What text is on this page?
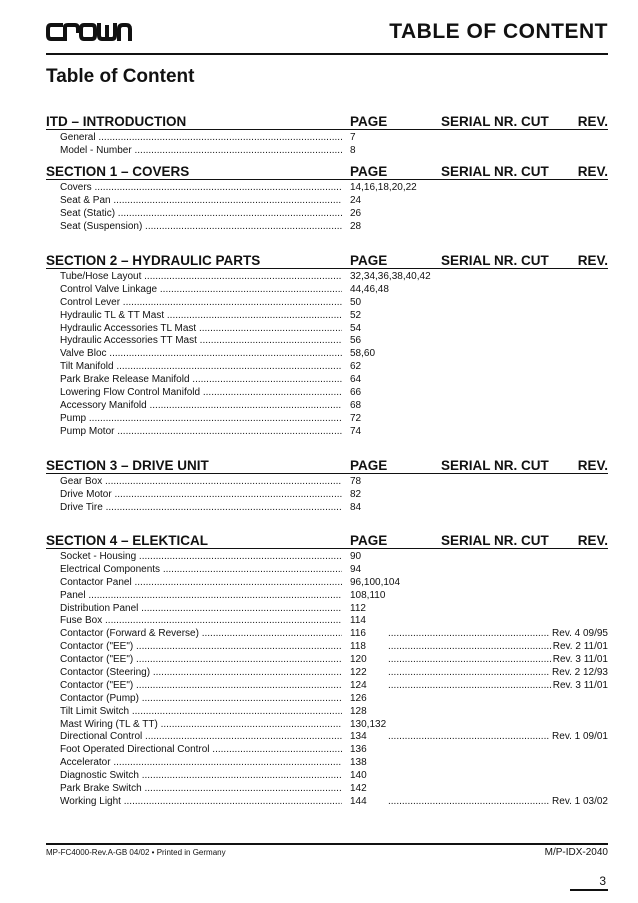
TABLE OF CONTENT
Table of Content
ITD – INTRODUCTION	PAGE	SERIAL NR. CUT REV.
General .....	7
Model - Number .....	8
SECTION 1 – COVERS	PAGE	SERIAL NR. CUT REV.
Covers .....	14,16,18,20,22
Seat & Pan .....	24
Seat (Static) .....	26
Seat (Suspension) .....	28
SECTION 2 – HYDRAULIC PARTS	PAGE	SERIAL NR. CUT REV.
Tube/Hose Layout .....	32,34,36,38,40,42
Control Valve Linkage .....	44,46,48
Control Lever .....	50
Hydraulic TL & TT Mast .....	52
Hydraulic Accessories TL Mast .....	54
Hydraulic Accessories TT Mast .....	56
Valve Bloc .....	58,60
Tilt Manifold .....	62
Park Brake Release Manifold .....	64
Lowering Flow Control Manifold .....	66
Accessory Manifold .....	68
Pump .....	72
Pump Motor .....	74
SECTION 3 – DRIVE UNIT	PAGE	SERIAL NR. CUT REV.
Gear Box .....	78
Drive Motor .....	82
Drive Tire .....	84
SECTION 4 – ELEKTICAL	PAGE	SERIAL NR. CUT REV.
Socket - Housing .....	90
Electrical Components .....	94
Contactor Panel .....	96,100,104
Panel .....	108,110
Distribution Panel .....	112
Fuse Box .....	114
Contactor (Forward & Reverse) .....	116 .....	Rev. 4 09/95
Contactor ("EE") .....	118 .....	Rev. 2 11/01
Contactor ("EE") .....	120 .....	Rev. 3 11/01
Contactor (Steering) .....	122 .....	Rev. 2 12/93
Contactor ("EE") .....	124 .....	Rev. 3 11/01
Contactor (Pump) .....	126
Tilt Limit Switch .....	128
Mast Wiring (TL & TT) .....	130,132
Directional Control .....	134 .....	Rev. 1 09/01
Foot Operated Directional Control .....	136
Accelerator .....	138
Diagnostic Switch .....	140
Park Brake Switch .....	142
Working Light .....	144 .....	Rev. 1 03/02
MP-FC4000-Rev.A-GB 04/02 • Printed in Germany	M/P-IDX-2040
3
